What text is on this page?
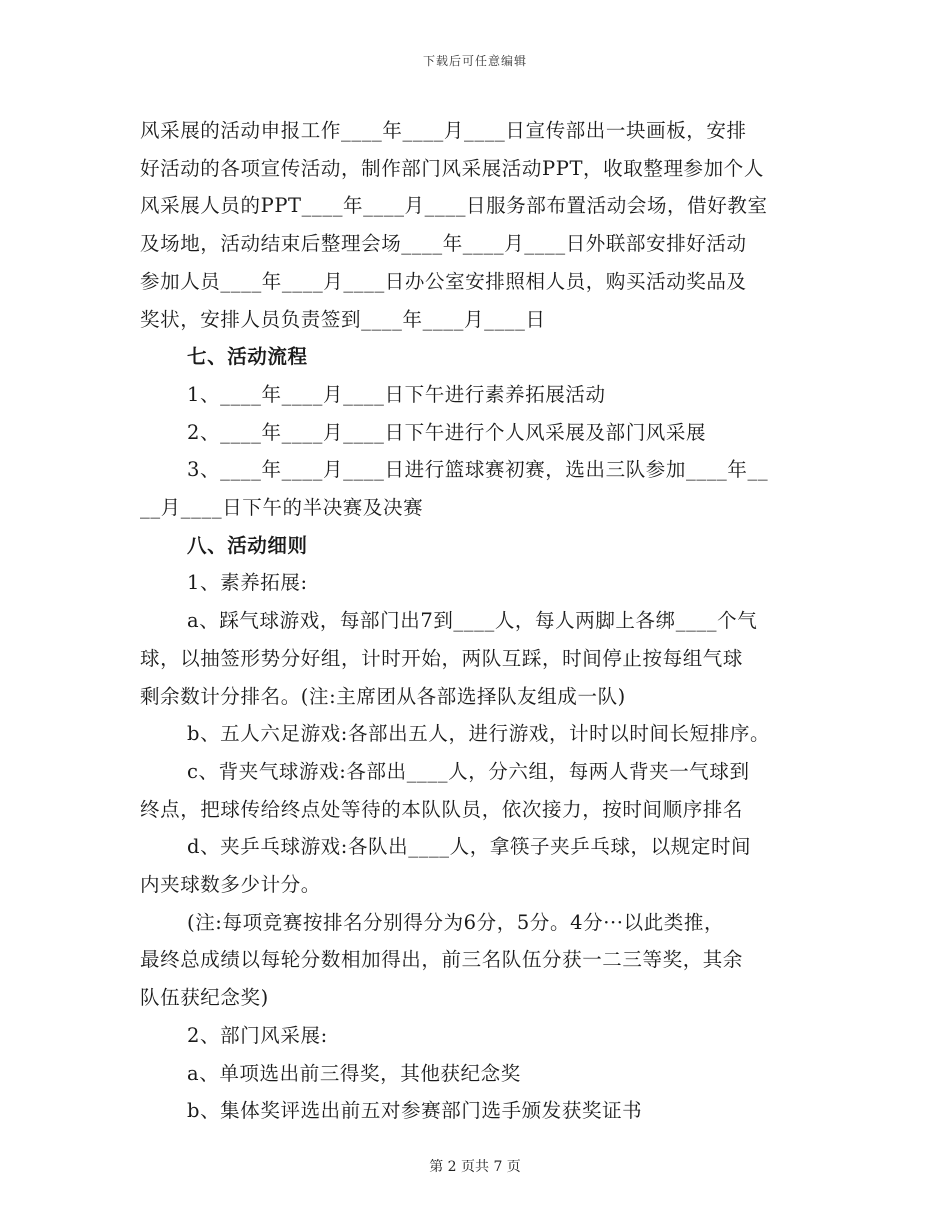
下载后可任意编辑
风采展的活动申报工作____年____月____日宣传部出一块画板，安排
好活动的各项宣传活动，制作部门风采展活动PPT，收取整理参加个人
风采展人员的PPT____年____月____日服务部布置活动会场，借好教室
及场地，活动结束后整理会场____年____月____日外联部安排好活动
参加人员____年____月____日办公室安排照相人员，购买活动奖品及
奖状，安排人员负责签到____年____月____日
七、活动流程
1、____年____月____日下午进行素养拓展活动
2、____年____月____日下午进行个人风采展及部门风采展
3、____年____月____日进行篮球赛初赛，选出三队参加____年__
__月____日下午的半决赛及决赛
八、活动细则
1、素养拓展:
a、踩气球游戏，每部门出7到____人，每人两脚上各绑____个气
球，以抽签形势分好组，计时开始，两队互踩，时间停止按每组气球
剩余数计分排名。(注:主席团从各部选择队友组成一队)
b、五人六足游戏:各部出五人，进行游戏，计时以时间长短排序。
c、背夹气球游戏:各部出____人，分六组，每两人背夹一气球到
终点，把球传给终点处等待的本队队员，依次接力，按时间顺序排名
d、夹乒乓球游戏:各队出____人，拿筷子夹乒乓球，以规定时间
内夹球数多少计分。
(注:每项竞赛按排名分别得分为6分，5分。4分···以此类推，
最终总成绩以每轮分数相加得出，前三名队伍分获一二三等奖，其余
队伍获纪念奖)
2、部门风采展:
a、单项选出前三得奖，其他获纪念奖
b、集体奖评选出前五对参赛部门选手颁发获奖证书
第 2 页共 7 页
